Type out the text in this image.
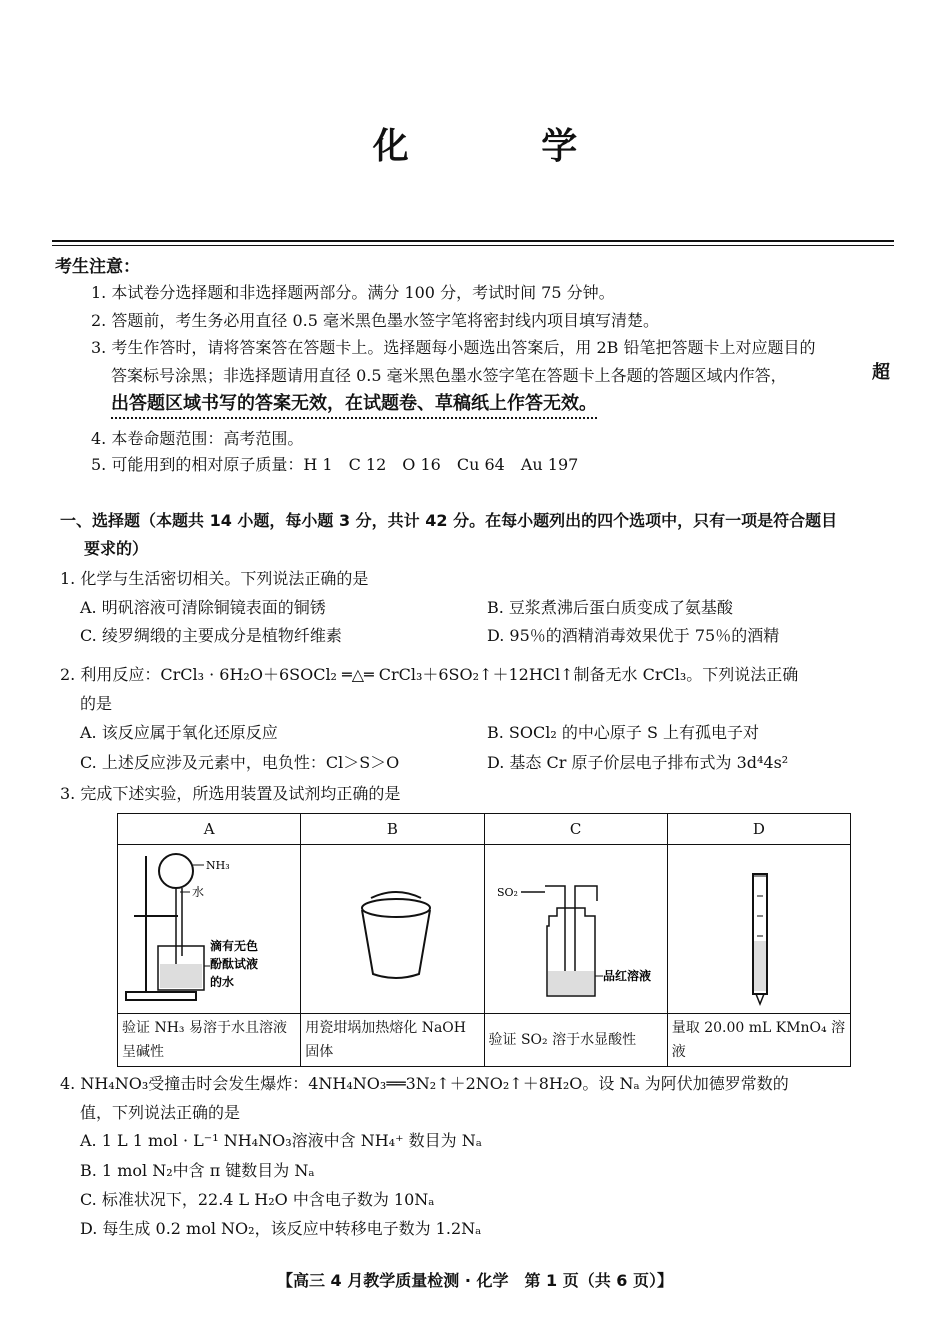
化 学
考生注意：
1. 本试卷分选择题和非选择题两部分。满分 100 分，考试时间 75 分钟。
2. 答题前，考生务必用直径 0.5 毫米黑色墨水签字笔将密封线内项目填写清楚。
3. 考生作答时，请将答案答在答题卡上。选择题每小题选出答案后，用 2B 铅笔把答题卡上对应题目的
答案标号涂黑；非选择题请用直径 0.5 毫米黑色墨水签字笔在答题卡上各题的答题区域内作答，	超
出答题区域书写的答案无效，在试题卷、草稿纸上作答无效。
4. 本卷命题范围：高考范围。
5. 可能用到的相对原子质量：H 1　C 12　O 16　Cu 64　Au 197
一、选择题（本题共 14 小题，每小题 3 分，共计 42 分。在每小题列出的四个选项中，只有一项是符合题目
要求的）
1. 化学与生活密切相关。下列说法正确的是
A. 明矾溶液可清除铜镜表面的铜锈	B. 豆浆煮沸后蛋白质变成了氨基酸
C. 绫罗绸缎的主要成分是植物纤维素	D. 95％的酒精消毒效果优于 75％的酒精
2. 利用反应：CrCl₃ · 6H₂O＋6SOCl₂ ═△═ CrCl₃＋6SO₂↑＋12HCl↑制备无水 CrCl₃。下列说法正确
的是
A. 该反应属于氧化还原反应	B. SOCl₂ 的中心原子 S 上有孤电子对
C. 上述反应涉及元素中，电负性：Cl＞S＞O	D. 基态 Cr 原子价层电子排布式为 3d⁴4s²
3. 完成下述实验，所选用装置及试剂均正确的是
A	B	C	D

NH₃
水
滴有无色
酚酞试液
的水		SO₂
品红溶液

验证 NH₃ 易溶于水且溶液呈碱性	用瓷坩埚加热熔化 NaOH 固体	验证 SO₂ 溶于水显酸性	量取 20.00 mL KMnO₄ 溶液
4. NH₄NO₃受撞击时会发生爆炸：4NH₄NO₃══3N₂↑＋2NO₂↑＋8H₂O。设 Nₐ 为阿伏加德罗常数的
值，下列说法正确的是
A. 1 L 1 mol · L⁻¹ NH₄NO₃溶液中含 NH₄⁺ 数目为 Nₐ
B. 1 mol N₂中含 π 键数目为 Nₐ
C. 标准状况下，22.4 L H₂O 中含电子数为 10Nₐ
D. 每生成 0.2 mol NO₂，该反应中转移电子数为 1.2Nₐ
【高三 4 月教学质量检测 · 化学　第 1 页（共 6 页）】
